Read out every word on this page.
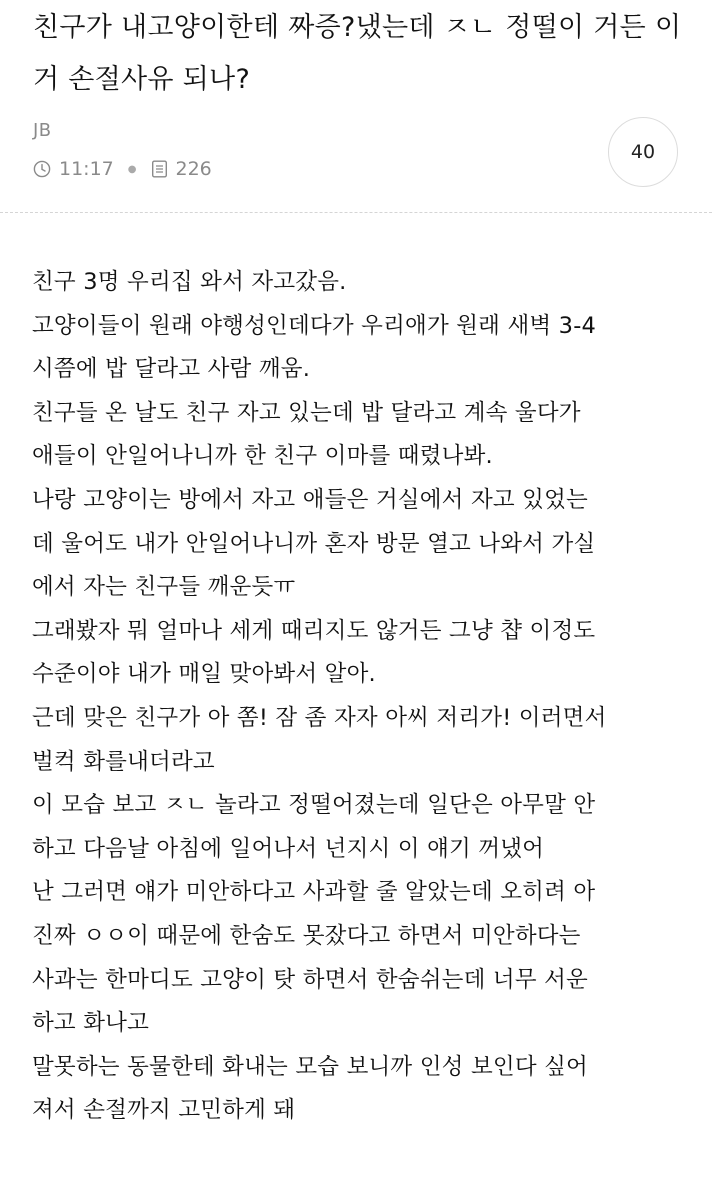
친구가 내고양이한테 짜증?냈는데 ㅈㄴ 정떨이 거든 이거 손절사유 되나?
JB
11:17 ● 226
40
친구 3명 우리집 와서 자고갔음.
고양이들이 원래 야행성인데다가 우리애가 원래 새벽 3-4
시쯤에 밥 달라고 사람 깨움.
친구들 온 날도 친구 자고 있는데 밥 달라고 계속 울다가
애들이 안일어나니까 한 친구 이마를 때렸나봐.
나랑 고양이는 방에서 자고 애들은 거실에서 자고 있었는
데 울어도 내가 안일어나니까 혼자 방문 열고 나와서 가실
에서 자는 친구들 깨운듯ㅠ
그래봤자 뭐 얼마나 세게 때리지도 않거든 그냥 챱 이정도
수준이야 내가 매일 맞아봐서 알아.
근데 맞은 친구가 아 쫌! 잠 좀 자자 아씨 저리가! 이러면서
벌컥 화를내더라고
이 모습 보고 ㅈㄴ 놀라고 정떨어졌는데 일단은 아무말 안
하고 다음날 아침에 일어나서 넌지시 이 얘기 꺼냈어
난 그러면 얘가 미안하다고 사과할 줄 알았는데 오히려 아
진짜 ㅇㅇ이 때문에 한숨도 못잤다고 하면서 미안하다는
사과는 한마디도 고양이 탓 하면서 한숨쉬는데 너무 서운
하고 화나고
말못하는 동물한테 화내는 모습 보니까 인성 보인다 싶어
져서 손절까지 고민하게 돼
